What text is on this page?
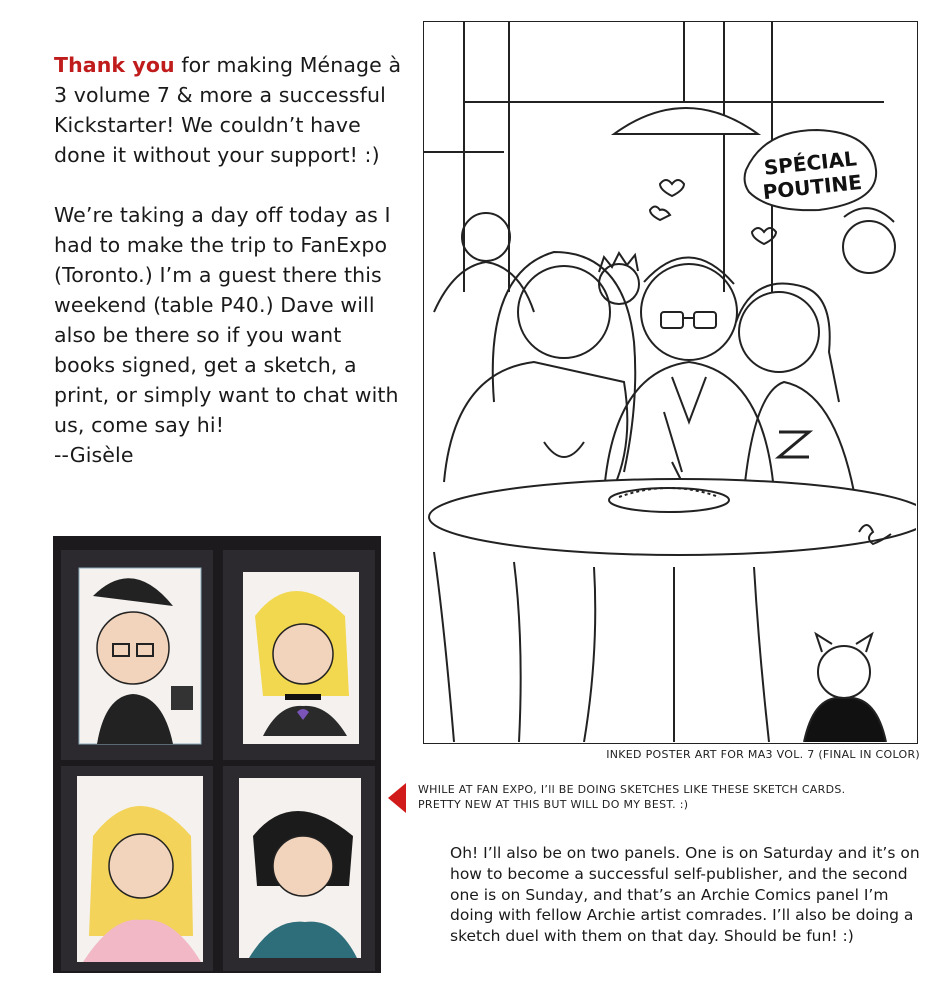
Thank you for making Ménage à 3 volume 7 & more a successful Kickstarter! We couldn’t have done it without your support! :)

We’re taking a day off today as I had to make the trip to FanExpo (Toronto.) I’m a guest there this weekend (table P40.) Dave will also be there so if you want books signed, get a sketch, a print, or simply want to chat with us, come say hi!
--Gisèle

SPÉCIAL
POUTINE
INKED POSTER ART FOR MA3 VOL. 7 (FINAL IN COLOR)
WHILE AT FAN EXPO, I’ll BE DOING SKETCHES LIKE THESE SKETCH CARDS.
PRETTY NEW AT THIS BUT WILL DO MY BEST. :)
Oh! I’ll also be on two panels. One is on Saturday and it’s on how to become a successful self-publisher, and the second one is on Sunday, and that’s an Archie Comics panel I’m doing with fellow Archie artist comrades. I’ll also be doing a sketch duel with them on that day. Should be fun! :)
